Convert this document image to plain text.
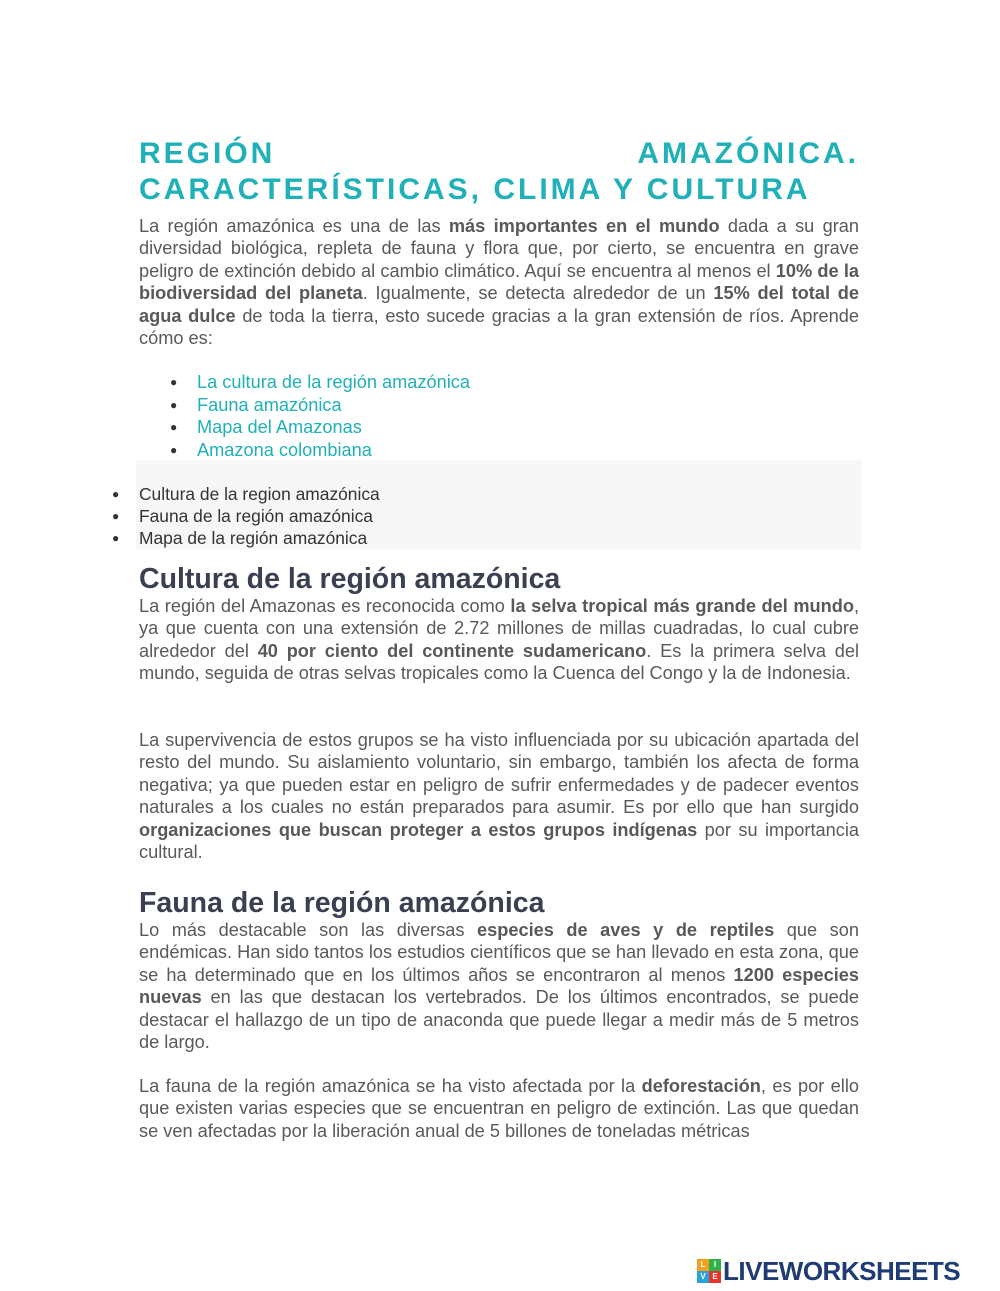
REGIÓN	AMAZÓNICA.
CARACTERÍSTICAS, CLIMA Y CULTURA

La región amazónica es una de las más importantes en el mundo dada a su gran diversidad biológica, repleta de fauna y flora que, por cierto, se encuentra en grave peligro de extinción debido al cambio climático. Aquí se encuentra al menos el 10% de la biodiversidad del planeta. Igualmente, se detecta alrededor de un 15% del total de agua dulce de toda la tierra, esto sucede gracias a la gran extensión de ríos. Aprende cómo es:

● La cultura de la región amazónica
● Fauna amazónica
● Mapa del Amazonas
● Amazona colombiana
● Cultura de la region amazónica
● Fauna de la región amazónica
● Mapa de la región amazónica
Cultura de la región amazónica

La región del Amazonas es reconocida como la selva tropical más grande del mundo, ya que cuenta con una extensión de 2.72 millones de millas cuadradas, lo cual cubre alrededor del 40 por ciento del continente sudamericano. Es la primera selva del mundo, seguida de otras selvas tropicales como la Cuenca del Congo y la de Indonesia.

La supervivencia de estos grupos se ha visto influenciada por su ubicación apartada del resto del mundo. Su aislamiento voluntario, sin embargo, también los afecta de forma negativa; ya que pueden estar en peligro de sufrir enfermedades y de padecer eventos naturales a los cuales no están preparados para asumir. Es por ello que han surgido organizaciones que buscan proteger a estos grupos indígenas por su importancia cultural.

Fauna de la región amazónica

Lo más destacable son las diversas especies de aves y de reptiles que son endémicas. Han sido tantos los estudios científicos que se han llevado en esta zona, que se ha determinado que en los últimos años se encontraron al menos 1200 especies nuevas en las que destacan los vertebrados. De los últimos encontrados, se puede destacar el hallazgo de un tipo de anaconda que puede llegar a medir más de 5 metros de largo.

La fauna de la región amazónica se ha visto afectada por la deforestación, es por ello que existen varias especies que se encuentran en peligro de extinción. Las que quedan se ven afectadas por la liberación anual de 5 billones de toneladas métricas

L	I
V E LIVEWORKSHEETS
